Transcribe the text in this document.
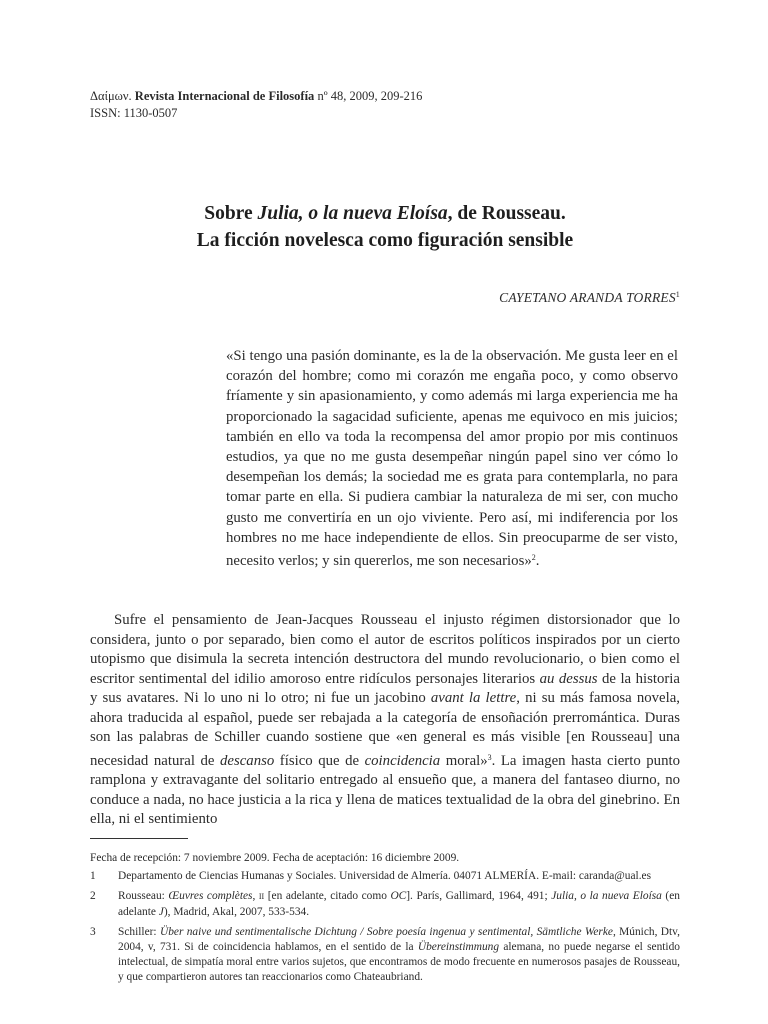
Δαίμων. Revista Internacional de Filosofía nº 48, 2009, 209-216
ISSN: 1130-0507
Sobre Julia, o la nueva Eloísa, de Rousseau.
La ficción novelesca como figuración sensible
CAYETANO ARANDA TORRES$^1$
«Si tengo una pasión dominante, es la de la observación. Me gusta leer en el corazón del hombre; como mi corazón me engaña poco, y como observo fríamente y sin apasionamiento, y como además mi larga experiencia me ha proporcionado la sagacidad suficiente, apenas me equivoco en mis juicios; también en ello va toda la recompensa del amor propio por mis continuos estudios, ya que no me gusta desempeñar ningún papel sino ver cómo lo desempeñan los demás; la sociedad me es grata para contemplarla, no para tomar parte en ella. Si pudiera cambiar la naturaleza de mi ser, con mucho gusto me convertiría en un ojo viviente. Pero así, mi indiferencia por los hombres no me hace independiente de ellos. Sin preocuparme de ser visto, necesito verlos; y sin quererlos, me son necesarios»$^2$.

Sufre el pensamiento de Jean-Jacques Rousseau el injusto régimen distorsionador que lo considera, junto o por separado, bien como el autor de escritos políticos inspirados por un cierto utopismo que disimula la secreta intención destructora del mundo revolucionario, o bien como el escritor sentimental del idilio amoroso entre ridículos personajes literarios au dessus de la historia y sus avatares. Ni lo uno ni lo otro; ni fue un jacobino avant la lettre, ni su más famosa novela, ahora traducida al español, puede ser rebajada a la categoría de ensoñación prerromántica. Duras son las palabras de Schiller cuando sostiene que «en general es más visible [en Rousseau] una necesidad natural de descanso físico que de coincidencia moral»$^3$. La imagen hasta cierto punto ramplona y extravagante del solitario entregado al ensueño que, a manera del fantaseo diurno, no conduce a nada, no hace justicia a la rica y llena de matices textualidad de la obra del ginebrino. En ella, ni el sentimiento

Fecha de recepción: 7 noviembre 2009. Fecha de aceptación: 16 diciembre 2009.
1	Departamento de Ciencias Humanas y Sociales. Universidad de Almería. 04071 ALMERÍA. E-mail: caranda@ual.es
2	Rousseau: Œuvres complètes, ii [en adelante, citado como OC]. París, Gallimard, 1964, 491; Julia, o la nueva Eloísa (en adelante J), Madrid, Akal, 2007, 533-534.
3	Schiller: Über naive und sentimentalische Dichtung / Sobre poesía ingenua y sentimental, Sämtliche Werke, Múnich, Dtv, 2004, v, 731. Si de coincidencia hablamos, en el sentido de la Übereinstimmung alemana, no puede negarse el sentido intelectual, de simpatía moral entre varios sujetos, que encontramos de modo frecuente en numerosos pasajes de Rousseau, y que compartieron autores tan reaccionarios como Chateaubriand.
